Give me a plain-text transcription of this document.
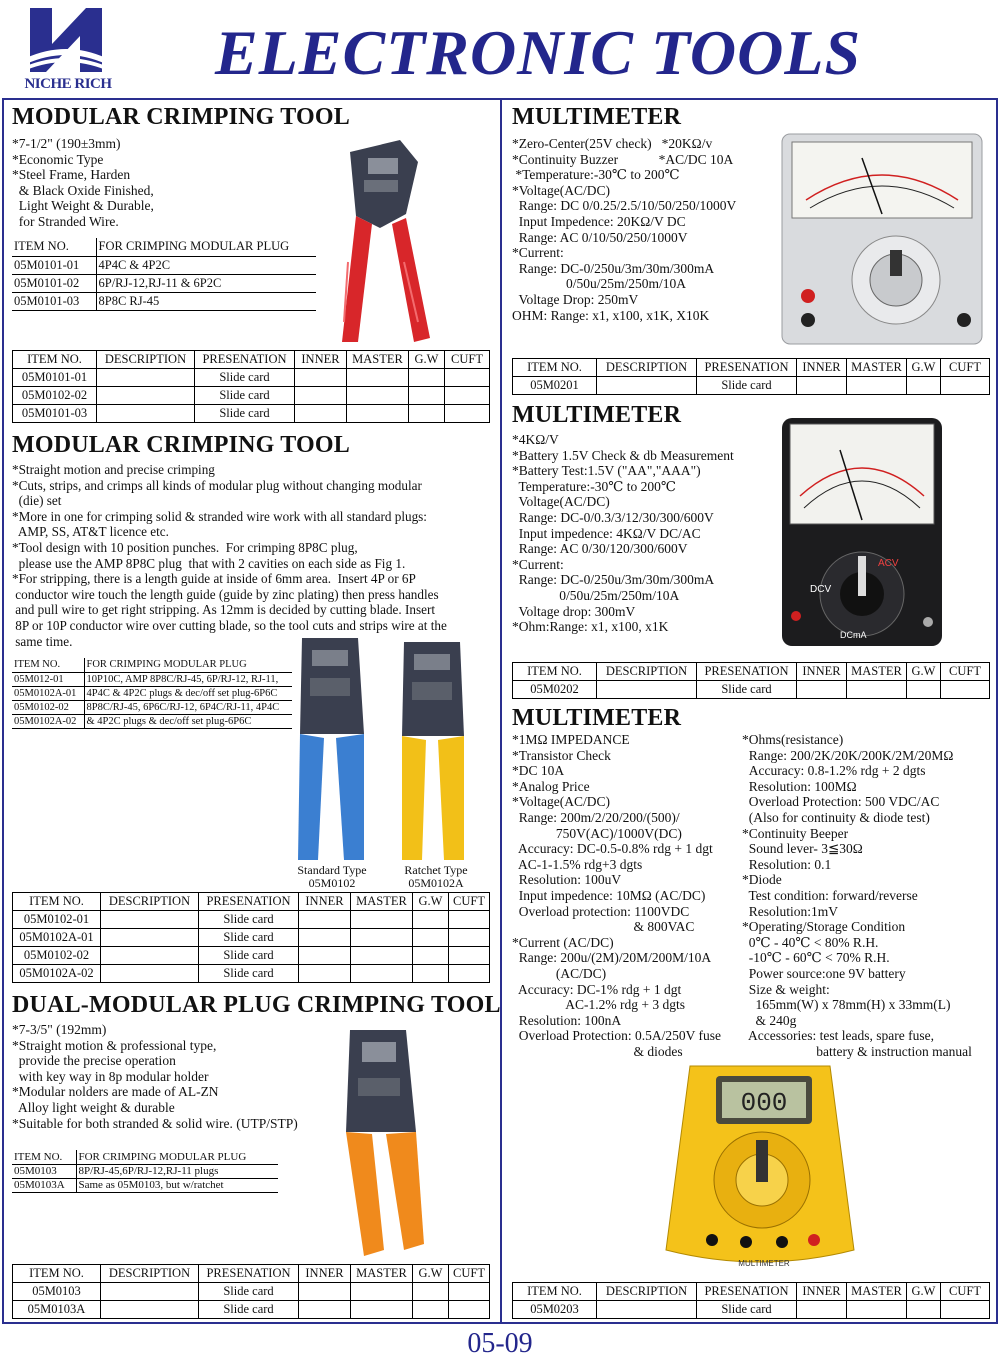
NICHE RICH ELECTRONIC TOOLS
MODULAR CRIMPING TOOL
*7-1/2" (190±3mm)
*Economic Type
*Steel Frame, Harden
& Black Oxide Finished,
Light Weight & Durable,
for Stranded Wire.
ITEM NO.	FOR CRIMPING MODULAR PLUG
05M0101-01	4P4C & 4P2C
05M0101-02	6P/RJ-12,RJ-11 & 6P2C
05M0101-03	8P8C RJ-45
ITEM NO.	DESCRIPTION	PRESENATION	INNER	MASTER	G.W	CUFT
05M0101-01		Slide card				
05M0102-02		Slide card				
05M0101-03		Slide card				
MODULAR CRIMPING TOOL
*Straight motion and precise crimping
*Cuts, strips, and crimps all kinds of modular plug without changing modular
(die) set
*More in one for crimping solid & stranded wire work with all standard plugs:
AMP, SS, AT&T licence etc.
*Tool design with 10 position punches.  For crimping 8P8C plug,
please use the AMP 8P8C plug  that with 2 cavities on each side as Fig 1.
*For stripping, there is a length guide at inside of 6mm area.  Insert 4P or 6P
conductor wire touch the length guide (guide by zinc plating) then press handles
and pull wire to get right stripping. As 12mm is decided by cutting blade. Insert
8P or 10P conductor wire over cutting blade, so the tool cuts and strips wire at the
same time.
ITEM NO.	FOR CRIMPING MODULAR PLUG
05M012-01	10P10C, AMP 8P8C/RJ-45, 6P/RJ-12, RJ-11,
05M0102A-01	4P4C & 4P2C plugs & dec/off set plug-6P6C
05M0102-02	8P8C/RJ-45, 6P6C/RJ-12, 6P4C/RJ-11, 4P4C
05M0102A-02	& 4P2C plugs & dec/off set plug-6P6C
Standard Type
05M0102
Ratchet Type
05M0102A
ITEM NO.	DESCRIPTION	PRESENATION	INNER	MASTER	G.W	CUFT
05M0102-01		Slide card				
05M0102A-01		Slide card				
05M0102-02		Slide card				
05M0102A-02		Slide card				
DUAL-MODULAR PLUG CRIMPING TOOL
*7-3/5" (192mm)
*Straight motion & professional type,
provide the precise operation
with key way in 8p modular holder
*Modular nolders are made of AL-ZN
Alloy light weight & durable
*Suitable for both stranded & solid wire. (UTP/STP)
ITEM NO.	FOR CRIMPING MODULAR PLUG
05M0103	8P/RJ-45,6P/RJ-12,RJ-11 plugs
05M0103A	Same as 05M0103, but w/ratchet
ITEM NO.	DESCRIPTION	PRESENATION	INNER	MASTER	G.W	CUFT
05M0103		Slide card				
05M0103A		Slide card				
MULTIMETER
*Zero-Center(25V check)   *20KΩ/v
*Continuity Buzzer            *AC/DC 10A
*Temperature:-30℃ to 200℃
*Voltage(AC/DC)
Range: DC 0/0.25/2.5/10/50/250/1000V
Input Impedence: 20KΩ/V DC
Range: AC 0/10/50/250/1000V
*Current:
Range: DC-0/250u/3m/30m/300mA
0/50u/25m/250m/10A
Voltage Drop: 250mV
OHM: Range: x1, x100, x1K, X10K
ITEM NO.	DESCRIPTION	PRESENATION	INNER	MASTER	G.W	CUFT
05M0201		Slide card				
MULTIMETER
*4KΩ/V
*Battery 1.5V Check & db Measurement
*Battery Test:1.5V ("AA","AAA")
Temperature:-30℃ to 200℃
Voltage(AC/DC)
Range: DC-0/0.3/3/12/30/300/600V
Input impedence: 4KΩ/V DC/AC
Range: AC 0/30/120/300/600V
*Current:
Range: DC-0/250u/3m/30m/300mA
0/50u/25m/250m/10A
Voltage drop: 300mV
*Ohm:Range: x1, x100, x1K
ACV
DCV
DCmA
ITEM NO.	DESCRIPTION	PRESENATION	INNER	MASTER	G.W	CUFT
05M0202		Slide card				
MULTIMETER
*1MΩ IMPEDANCE
*Transistor Check
*DC 10A
*Analog Price
*Voltage(AC/DC)
Range: 200m/2/20/200/(500)/
750V(AC)/1000V(DC)
Accuracy: DC-0.5-0.8% rdg + 1 dgt
AC-1-1.5% rdg+3 dgts
Resolution: 100uV
Input impedence: 10MΩ (AC/DC)
Overload protection: 1100VDC
& 800VAC
*Current (AC/DC)
Range: 200u/(2M)/20M/200M/10A
(AC/DC)
Accuracy: DC-1% rdg + 1 dgt
AC-1.2% rdg + 3 dgts
Resolution: 100nA
Overload Protection: 0.5A/250V fuse
& diodes
*Ohms(resistance)
Range: 200/2K/20K/200K/2M/20MΩ
Accuracy: 0.8-1.2% rdg + 2 dgts
Resolution: 100MΩ
Overload Protection: 500 VDC/AC
(Also for continuity & diode test)
*Continuity Beeper
Sound lever- 3≦30Ω
Resolution: 0.1
*Diode
Test condition: forward/reverse
Resolution:1mV
*Operating/Storage Condition
0℃ - 40℃ < 80% R.H.
-10℃ - 60℃ < 70% R.H.
Power source:one 9V battery
Size & weight:
165mm(W) x 78mm(H) x 33mm(L)
& 240g
Accessories: test leads, spare fuse,
battery & instruction manual
000
MULTIMETER
ITEM NO.	DESCRIPTION	PRESENATION	INNER	MASTER	G.W	CUFT
05M0203		Slide card				
05-09
